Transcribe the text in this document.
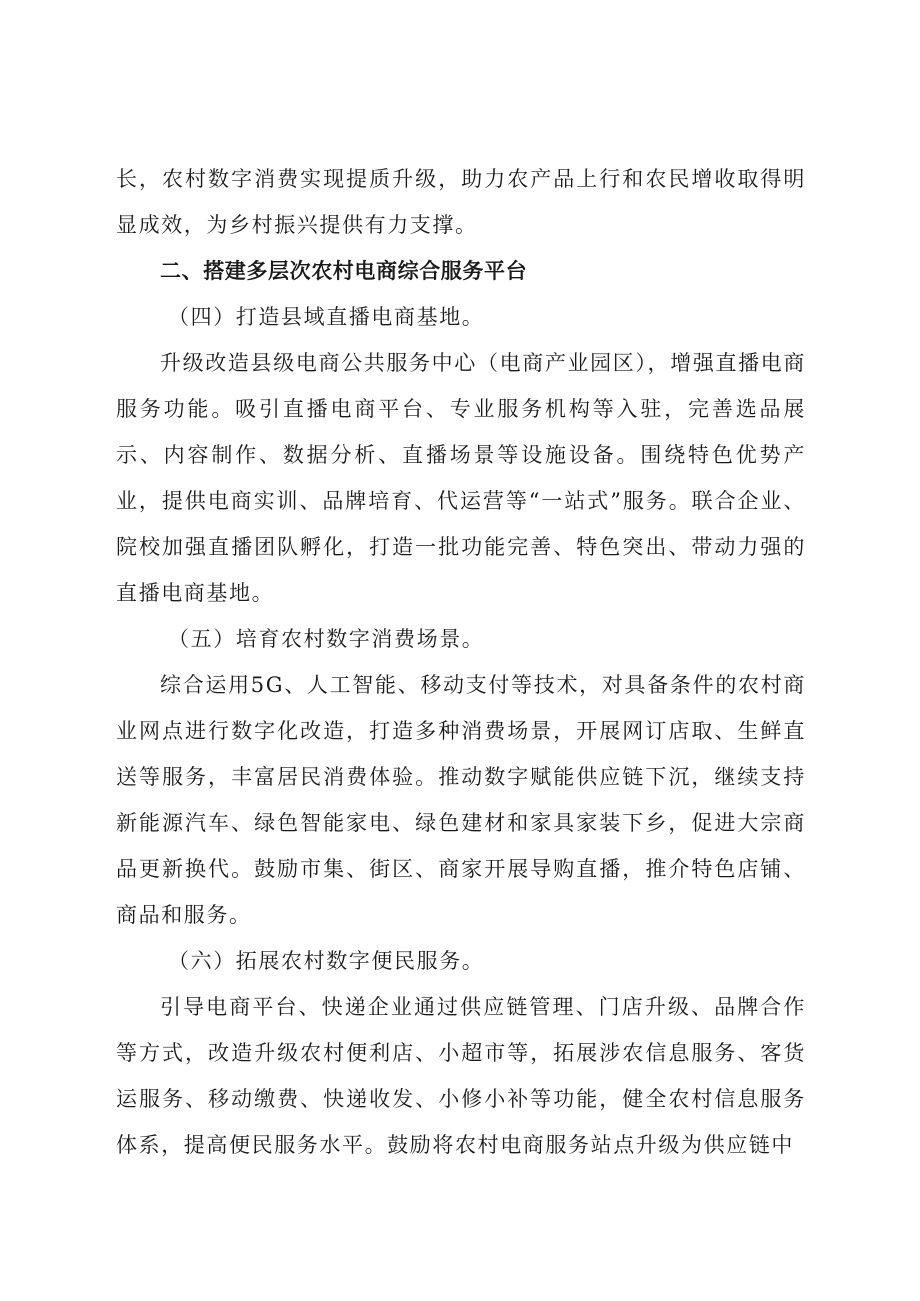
长，农村数字消费实现提质升级，助力农产品上行和农民增收取得明显成效，为乡村振兴提供有力支撑。

二、搭建多层次农村电商综合服务平台

（四）打造县域直播电商基地。

升级改造县级电商公共服务中心（电商产业园区），增强直播电商服务功能。吸引直播电商平台、专业服务机构等入驻，完善选品展示、内容制作、数据分析、直播场景等设施设备。围绕特色优势产业，提供电商实训、品牌培育、代运营等“一站式”服务。联合企业、院校加强直播团队孵化，打造一批功能完善、特色突出、带动力强的直播电商基地。

（五）培育农村数字消费场景。

综合运用5G、人工智能、移动支付等技术，对具备条件的农村商业网点进行数字化改造，打造多种消费场景，开展网订店取、生鲜直送等服务，丰富居民消费体验。推动数字赋能供应链下沉，继续支持新能源汽车、绿色智能家电、绿色建材和家具家装下乡，促进大宗商品更新换代。鼓励市集、街区、商家开展导购直播，推介特色店铺、商品和服务。

（六）拓展农村数字便民服务。

引导电商平台、快递企业通过供应链管理、门店升级、品牌合作等方式，改造升级农村便利店、小超市等，拓展涉农信息服务、客货运服务、移动缴费、快递收发、小修小补等功能，健全农村信息服务体系，提高便民服务水平。鼓励将农村电商服务站点升级为供应链中
